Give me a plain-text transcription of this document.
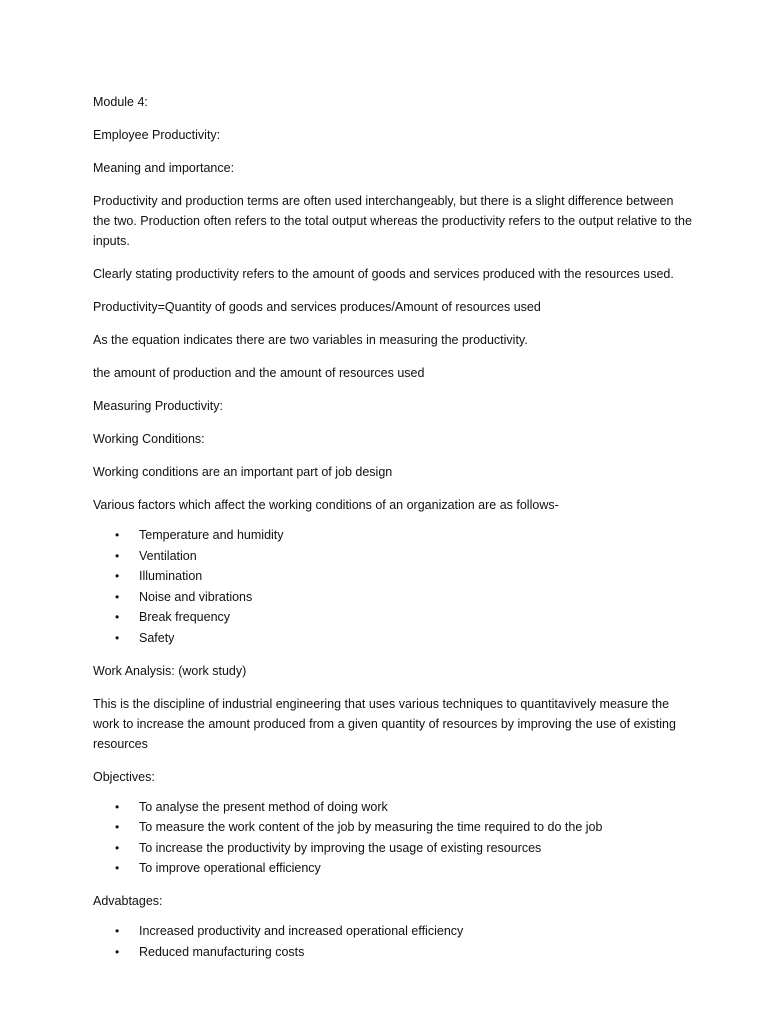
Module 4:

Employee Productivity:

Meaning and importance:

Productivity and production terms are often used interchangeably, but there is a slight difference between the two. Production often refers to the total output whereas the productivity refers to the output relative to the inputs.

Clearly stating productivity refers to the amount of goods and services produced with the resources used.

Productivity=Quantity of goods and services produces/Amount of resources used

As the equation indicates there are two variables in measuring the productivity.

the amount of production and the amount of resources used

Measuring Productivity:

Working Conditions:

Working conditions are an important part of job design

Various factors which affect the working conditions of an organization are as follows-

• Temperature and humidity
• Ventilation
• Illumination
• Noise and vibrations
• Break frequency
• Safety

Work Analysis: (work study)

This is the discipline of industrial engineering that uses various techniques to quantitavively measure the work to increase the amount produced from a given quantity of resources by improving the use of existing resources

Objectives:

• To analyse the present method of doing work
• To measure the work content of the job by measuring the time required to do the job
• To increase the productivity by improving the usage of existing resources
• To improve operational efficiency

Advabtages:

• Increased productivity and increased operational efficiency
• Reduced manufacturing costs
